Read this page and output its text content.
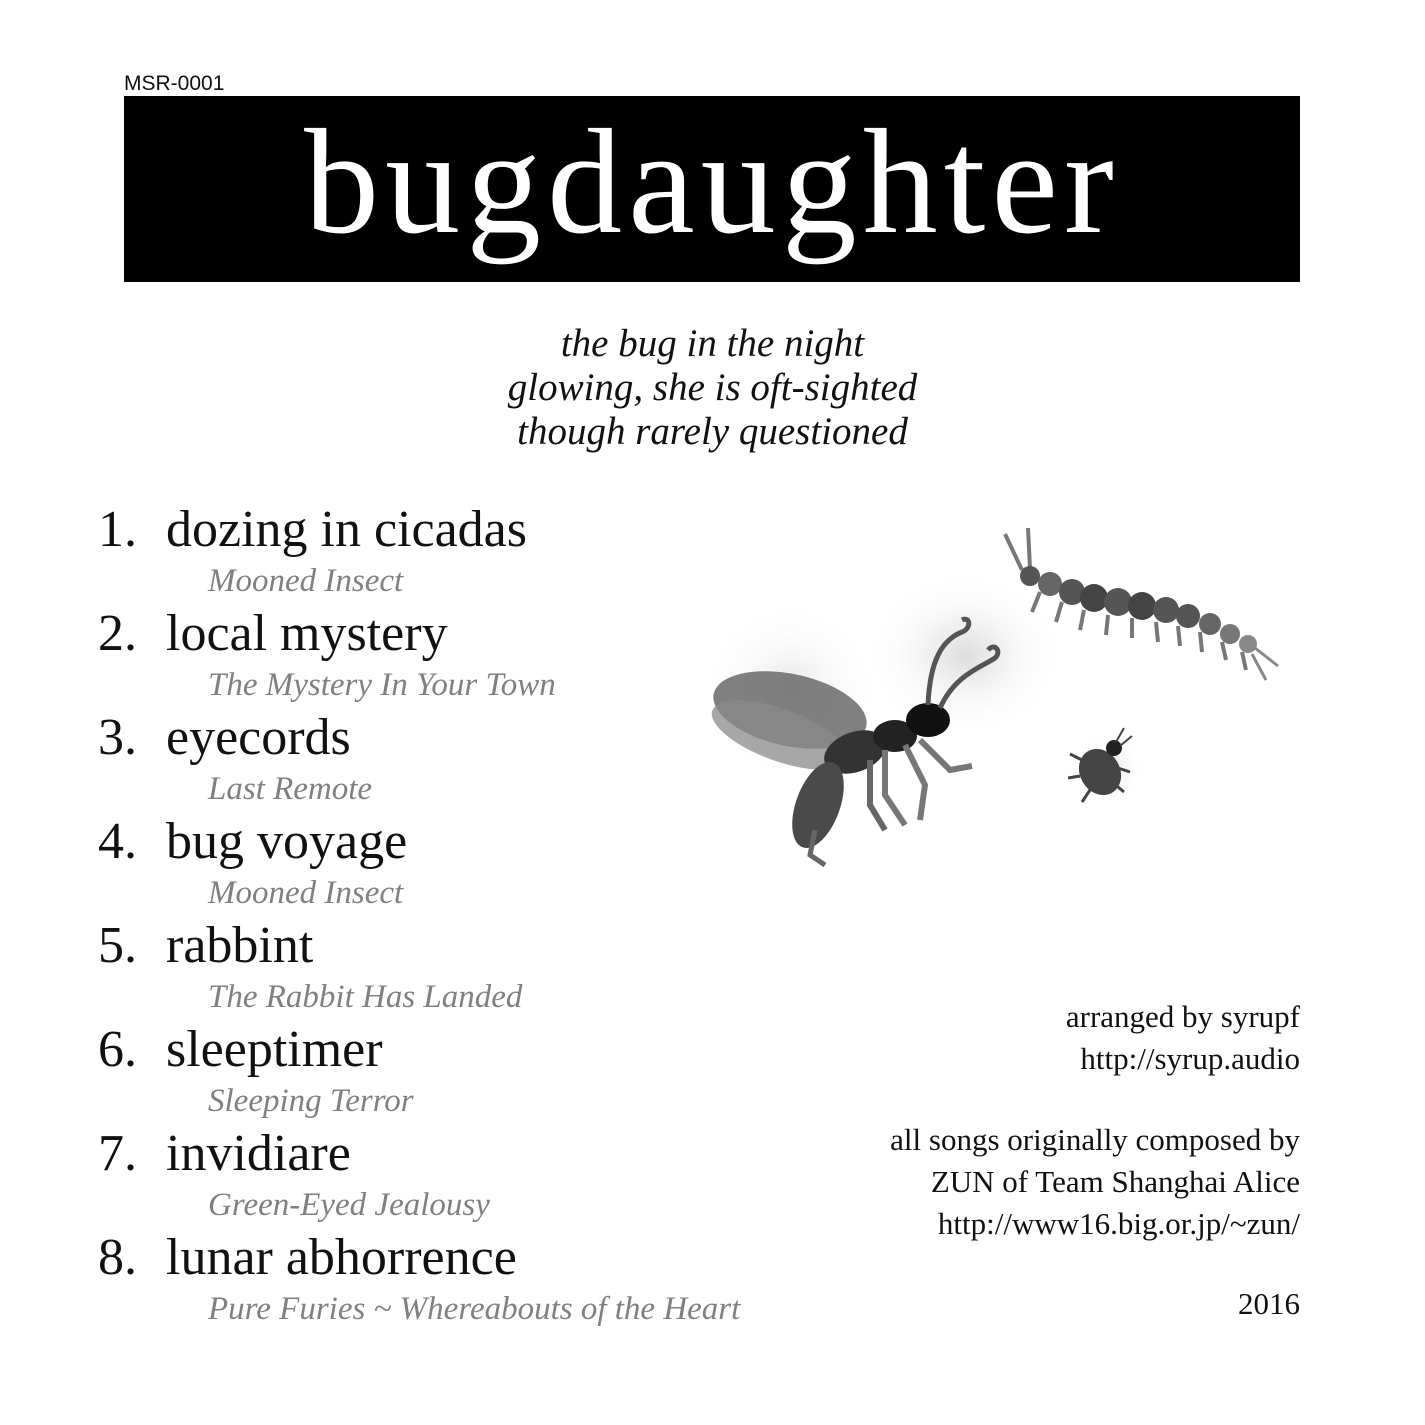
MSR-0001
bugdaughter
the bug in the night
glowing, she is oft-sighted
though rarely questioned
1. dozing in cicadas
Mooned Insect
2. local mystery
The Mystery In Your Town
3. eyecords
Last Remote
4. bug voyage
Mooned Insect
5. rabbint
The Rabbit Has Landed
6. sleeptimer
Sleeping Terror
7. invidiare
Green-Eyed Jealousy
8. lunar abhorrence
Pure Furies ~ Whereabouts of the Heart
arranged by syrupf
http://syrup.audio
all songs originally composed by
ZUN of Team Shanghai Alice
http://www16.big.or.jp/~zun/
2016
